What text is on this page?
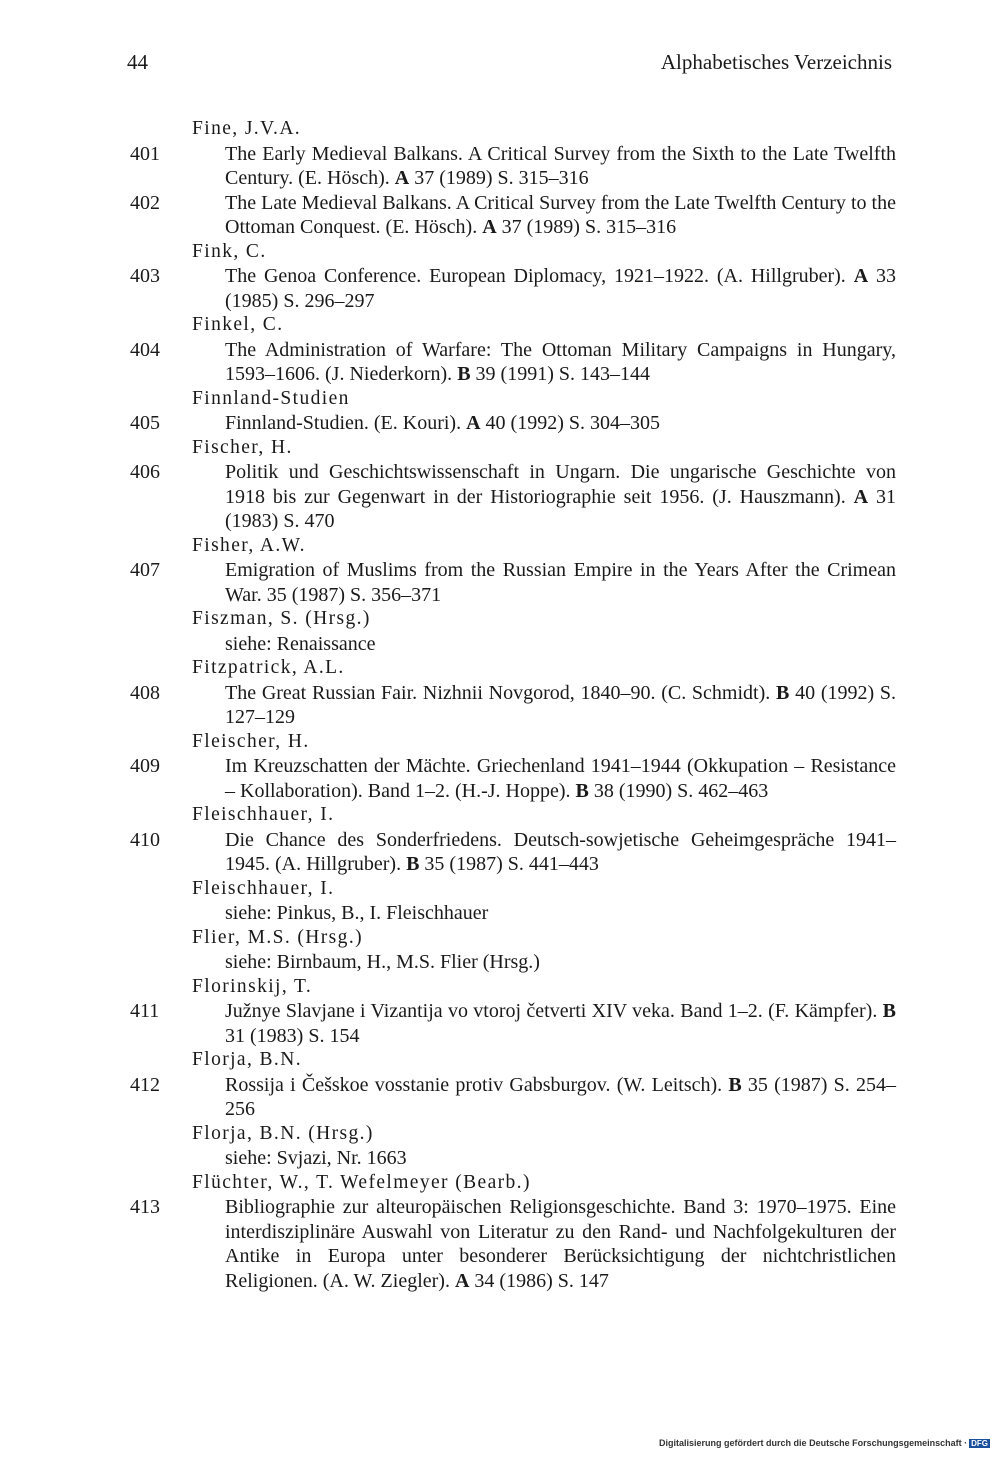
44	Alphabetisches Verzeichnis
Fine, J.V.A.
401	The Early Medieval Balkans. A Critical Survey from the Sixth to the Late Twelfth Century. (E. Hösch). A 37 (1989) S. 315–316
402	The Late Medieval Balkans. A Critical Survey from the Late Twelfth Century to the Ottoman Conquest. (E. Hösch). A 37 (1989) S. 315–316
Fink, C.
403	The Genoa Conference. European Diplomacy, 1921–1922. (A. Hillgruber). A 33 (1985) S. 296–297
Finkel, C.
404	The Administration of Warfare: The Ottoman Military Campaigns in Hungary, 1593–1606. (J. Niederkorn). B 39 (1991) S. 143–144
Finnland-Studien
405	Finnland-Studien. (E. Kouri). A 40 (1992) S. 304–305
Fischer, H.
406	Politik und Geschichtswissenschaft in Ungarn. Die ungarische Geschichte von 1918 bis zur Gegenwart in der Historiographie seit 1956. (J. Hauszmann). A 31 (1983) S. 470
Fisher, A.W.
407	Emigration of Muslims from the Russian Empire in the Years After the Crimean War. 35 (1987) S. 356–371
Fiszman, S. (Hrsg.)
siehe: Renaissance
Fitzpatrick, A.L.
408	The Great Russian Fair. Nizhnii Novgorod, 1840–90. (C. Schmidt). B 40 (1992) S. 127–129
Fleischer, H.
409	Im Kreuzschatten der Mächte. Griechenland 1941–1944 (Okkupation – Resistance – Kollaboration). Band 1–2. (H.-J. Hoppe). B 38 (1990) S. 462–463
Fleischhauer, I.
410	Die Chance des Sonderfriedens. Deutsch-sowjetische Geheimgespräche 1941–1945. (A. Hillgruber). B 35 (1987) S. 441–443
Fleischhauer, I.
siehe: Pinkus, B., I. Fleischhauer
Flier, M.S. (Hrsg.)
siehe: Birnbaum, H., M.S. Flier (Hrsg.)
Florinskij, T.
411	Južnye Slavjane i Vizantija vo vtoroj četverti XIV veka. Band 1–2. (F. Kämpfer). B 31 (1983) S. 154
Florja, B.N.
412	Rossija i Češskoe vosstanie protiv Gabsburgov. (W. Leitsch). B 35 (1987) S. 254–256
Florja, B.N. (Hrsg.)
siehe: Svjazi, Nr. 1663
Flüchter, W., T. Wefelmeyer (Bearb.)
413	Bibliographie zur alteuropäischen Religionsgeschichte. Band 3: 1970–1975. Eine interdisziplinäre Auswahl von Literatur zu den Rand- und Nachfolgekulturen der Antike in Europa unter besonderer Berücksichtigung der nichtchristlichen Religionen. (A. W. Ziegler). A 34 (1986) S. 147
Digitalisierung gefördert durch die Deutsche Forschungsgemeinschaft · DFG
